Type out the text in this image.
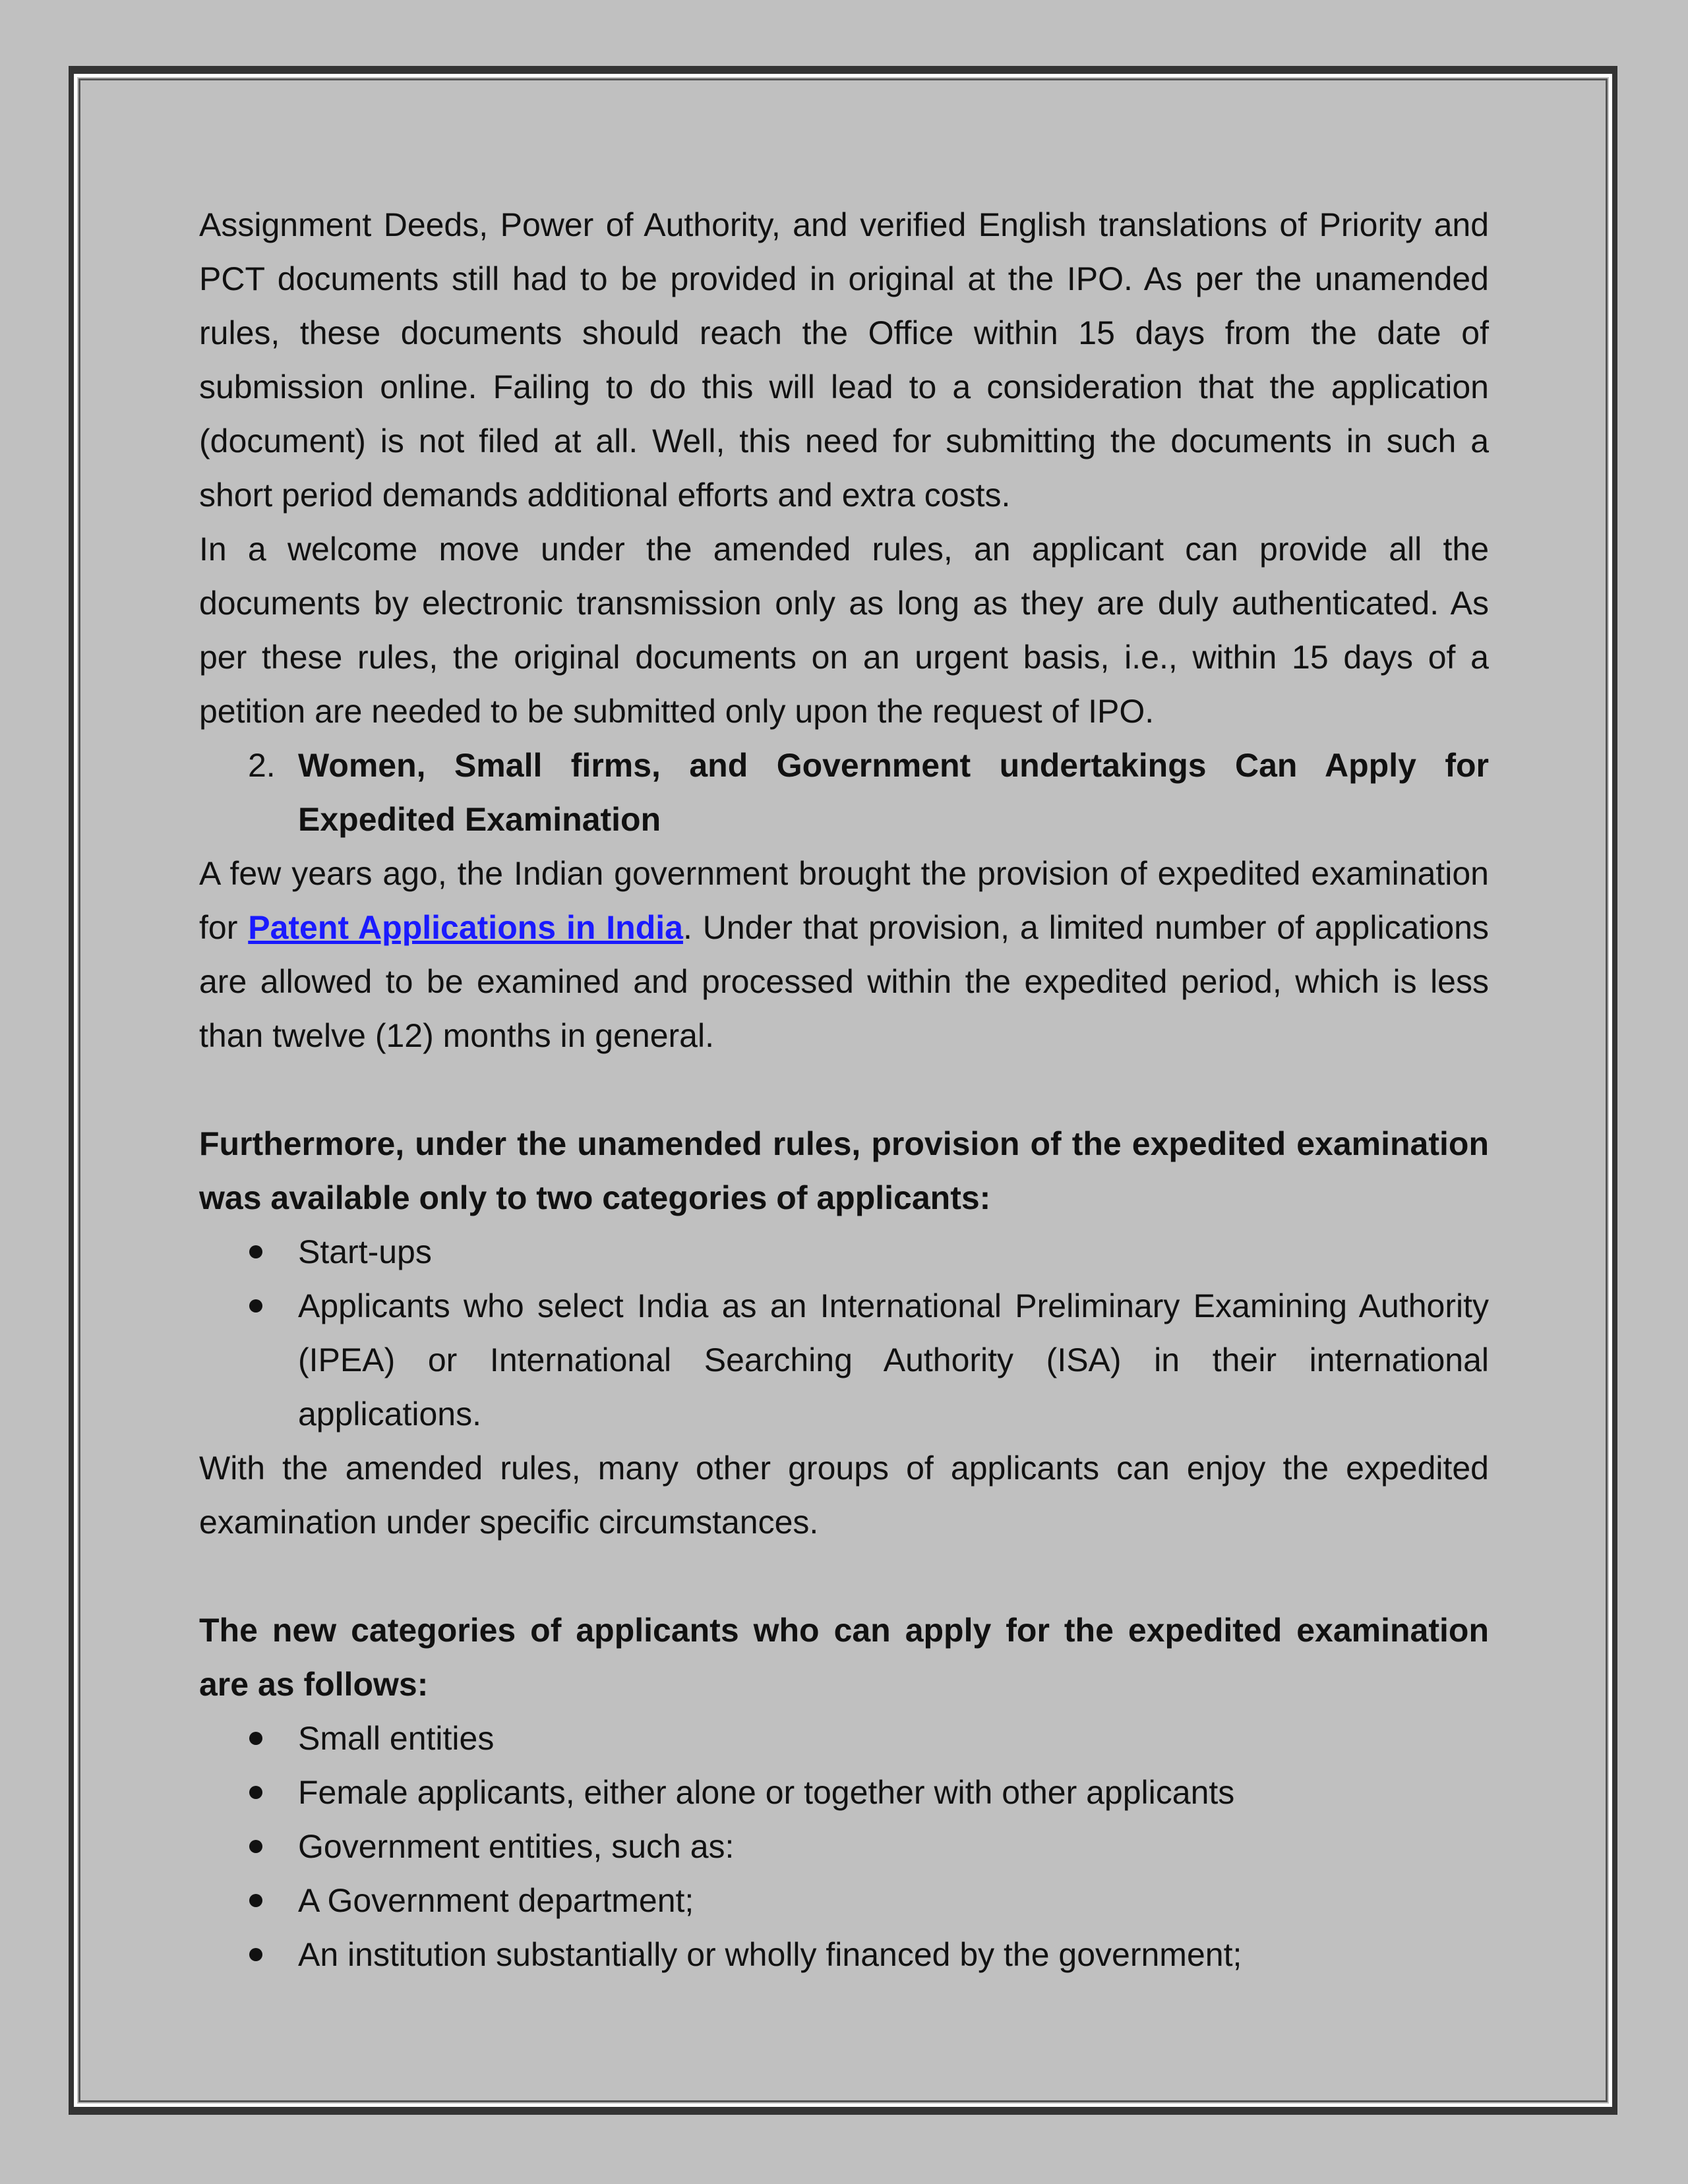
Assignment Deeds, Power of Authority, and verified English translations of Priority and PCT documents still had to be provided in original at the IPO. As per the unamended rules, these documents should reach the Office within 15 days from the date of submission online. Failing to do this will lead to a consideration that the application (document) is not filed at all. Well, this need for submitting the documents in such a short period demands additional efforts and extra costs.

In a welcome move under the amended rules, an applicant can provide all the documents by electronic transmission only as long as they are duly authenticated. As per these rules, the original documents on an urgent basis, i.e., within 15 days of a petition are needed to be submitted only upon the request of IPO.

2. Women, Small firms, and Government undertakings Can Apply for Expedited Examination

A few years ago, the Indian government brought the provision of expedited examination for Patent Applications in India. Under that provision, a limited number of applications are allowed to be examined and processed within the expedited period, which is less than twelve (12) months in general.

Furthermore, under the unamended rules, provision of the expedited examination was available only to two categories of applicants:

Start-ups
Applicants who select India as an International Preliminary Examining Authority (IPEA) or International Searching Authority (ISA) in their international applications.

With the amended rules, many other groups of applicants can enjoy the expedited examination under specific circumstances.

The new categories of applicants who can apply for the expedited examination are as follows:

Small entities
Female applicants, either alone or together with other applicants
Government entities, such as:
A Government department;
An institution substantially or wholly financed by the government;
